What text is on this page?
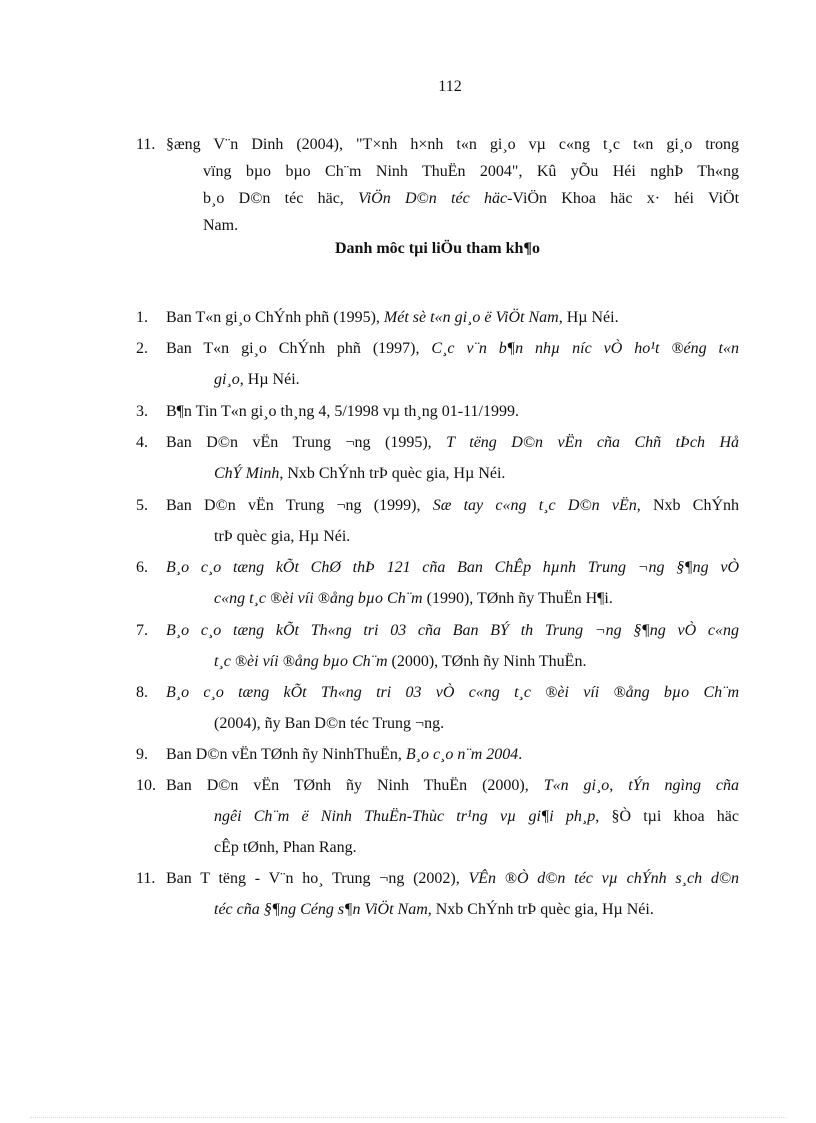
112
11. §æng V¨n Dinh (2004), "T×nh h×nh t«n gi¸o vµ c«ng t¸c t«n gi¸o trong
vïng bµo bµo Ch¨m Ninh ThuËn 2004", Kû yÕu Héi nghÞ Th«ng
b¸o D©n téc häc, ViÖn D©n téc häc-ViÖn Khoa häc x· héi ViÖt
Nam.
Danh môc tµi liÖu tham kh¶o
1. Ban T«n gi¸o ChÝnh phñ (1995), Mét sè t«n gi¸o ë ViÖt Nam, Hµ Néi.
2. Ban T«n gi¸o ChÝnh phñ (1997), C¸c v¨n b¶n nhµ níc vÒ ho¹t ®éng t«n
gi¸o, Hµ Néi.
3. B¶n Tin T«n gi¸o th¸ng 4, 5/1998 vµ th¸ng 01-11/1999.
4. Ban D©n vËn Trung ¬ng (1995), T tëng D©n vËn cña Chñ tÞch Hå
ChÝ Minh, Nxb ChÝnh trÞ quèc gia, Hµ Néi.
5. Ban D©n vËn Trung ¬ng (1999), Sæ tay c«ng t¸c D©n vËn, Nxb ChÝnh
trÞ quèc gia, Hµ Néi.
6. B¸o c¸o tæng kÕt ChØ thÞ 121 cña Ban ChÊp hµnh Trung ¬ng §¶ng vÒ
c«ng t¸c ®èi víi ®ång bµo Ch¨m (1990), TØnh ñy ThuËn H¶i.
7. B¸o c¸o tæng kÕt Th«ng tri 03 cña Ban BÝ th Trung ¬ng §¶ng vÒ c«ng
t¸c ®èi víi ®ång bµo Ch¨m (2000), TØnh ñy Ninh ThuËn.
8. B¸o c¸o tæng kÕt Th«ng tri 03 vÒ c«ng t¸c ®èi víi ®ång bµo Ch¨m
(2004), ñy Ban D©n téc Trung ¬ng.
9. Ban D©n vËn TØnh ñy NinhThuËn, B¸o c¸o n¨m 2004.
10. Ban D©n vËn TØnh ñy Ninh ThuËn (2000), T«n gi¸o, tÝn ngìng cña
ngêi Ch¨m ë Ninh ThuËn-Thùc tr¹ng vµ gi¶i ph¸p, §Ò tµi khoa häc
cÊp tØnh, Phan Rang.
11. Ban T tëng - V¨n ho¸ Trung ¬ng (2002), VÊn ®Ò d©n téc vµ chÝnh s¸ch d©n
téc cña §¶ng Céng s¶n ViÖt Nam, Nxb ChÝnh trÞ quèc gia, Hµ Néi.
